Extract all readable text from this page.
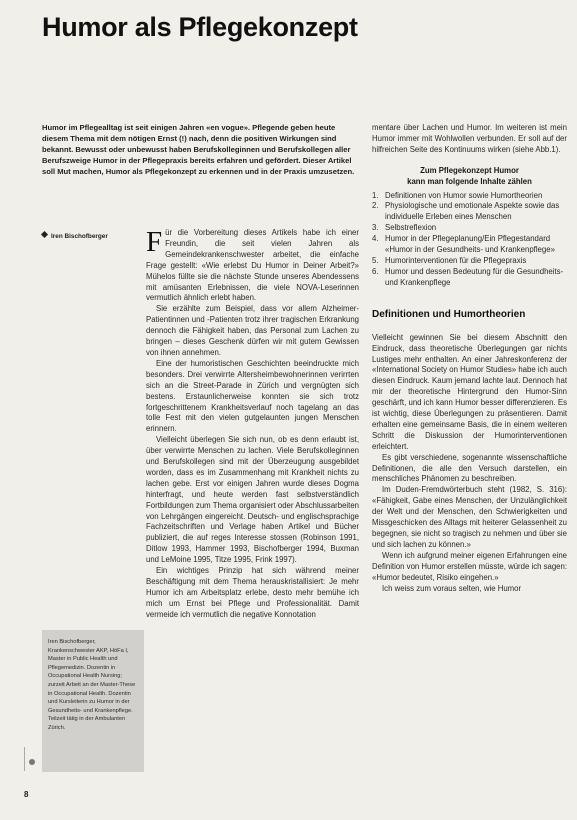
Humor als Pflegekonzept
Humor im Pflegealltag ist seit einigen Jahren «en vogue». Pflegende geben heute diesem Thema mit dem nötigen Ernst (!) nach, denn die positiven Wirkungen sind bekannt. Bewusst oder unbewusst haben Berufskolleginnen und Berufskollegen aller Berufszweige Humor in der Pflegepraxis bereits erfahren und gefördert. Dieser Artikel soll Mut machen, Humor als Pflegekonzept zu erkennen und in der Praxis umzusetzen.
Iren Bischofberger	Für die Vorbereitung dieses Artikels habe ich einer Freundin, die seit vielen Jahren als Gemeindekrankenschwester arbeitet, die einfache Frage gestellt: «Wie erlebst Du Humor in Deiner Arbeit?» Mühelos füllte sie die nächste Stunde unseres Abendessens mit amüsanten Erlebnissen, die viele NOVA-Leserinnen vermutlich ähnlich erlebt haben.

Sie erzählte zum Beispiel, dass vor allem Alzheimer-Patientinnen und -Patienten trotz ihrer tragischen Erkrankung dennoch die Fähigkeit haben, das Personal zum Lachen zu bringen – dieses Geschenk dürfen wir mit gutem Gewissen von ihnen annehmen.

Eine der humoristischen Geschichten beeindruckte mich besonders. Drei verwirrte Altersheimbewohnerinnen verirrten sich an die Street-Parade in Zürich und vergnügten sich bestens. Erstaunlicherweise konnten sie sich trotz fortgeschrittenem Krankheitsverlauf noch tagelang an das tolle Fest mit den vielen gutgelaunten jungen Menschen erinnern.

Vielleicht überlegen Sie sich nun, ob es denn erlaubt ist, über verwirrte Menschen zu lachen. Viele Berufskolleginnen und Berufskollegen sind mit der Überzeugung ausgebildet worden, dass es im Zusammenhang mit Krankheit nichts zu lachen gebe. Erst vor einigen Jahren wurde dieses Dogma hinterfragt, und heute werden fast selbstverständlich Fortbildungen zum Thema organisiert oder Abschlussarbeiten von Lehrgängen eingereicht. Deutsch- und englischsprachige Fachzeitschriften und Verlage haben Artikel und Bücher publiziert, die auf reges Interesse stossen (Robinson 1991, Ditlow 1993, Hammer 1993, Bischofberger 1994, Buxman und LeMoine 1995, Titze 1995, Frink 1997).

Ein wichtiges Prinzip hat sich während meiner Beschäftigung mit dem Thema herauskristallisiert: Je mehr Humor ich am Arbeitsplatz erlebe, desto mehr bemühe ich mich um Ernst bei Pflege und Professionalität. Damit vermeide ich vermutlich die negative Konnotation

mentare über Lachen und Humor. Im weiteren ist mein Humor immer mit Wohlwollen verbunden. Er soll auf der hilfreichen Seite des Kontinuums wirken (siehe Abb.1).

Zum Pflegekonzept Humor
kann man folgende Inhalte zählen
1. Definitionen von Humor sowie Humortheorien
2. Physiologische und emotionale Aspekte sowie das individuelle Erleben eines Menschen
3. Selbstreflexion
4. Humor in der Pflegeplanung/Ein Pflegestandard «Humor in der Gesundheits- und Krankenpflege»
5. Humorinterventionen für die Pflegepraxis
6. Humor und dessen Bedeutung für die Gesundheits- und Krankenpflege
Definitionen und Humortheorien

Vielleicht gewinnen Sie bei diesem Abschnitt den Eindruck, dass theoretische Überlegungen gar nichts Lustiges mehr enthalten. An einer Jahreskonferenz der «International Society on Humor Studies» habe ich auch diesen Eindruck. Kaum jemand lachte laut. Dennoch hat mir der theoretische Hintergrund den Humor-Sinn geschärft, und ich kann Humor besser differenzieren. Es ist wichtig, diese Überlegungen zu präsentieren. Damit erhalten eine gemeinsame Basis, die in einem weiteren Schritt die Diskussion der Humorinterventionen erleichtert.

Es gibt verschiedene, sogenannte wissenschaftliche Definitionen, die alle den Versuch darstellen, ein menschliches Phänomen zu beschreiben.

Im Duden-Fremdwörterbuch steht (1982, S. 316): «Fähigkeit, Gabe eines Menschen, der Unzulänglichkeit der Welt und der Menschen, den Schwierigkeiten und Missgeschicken des Alltags mit heiterer Gelassenheit zu begegnen, sie nicht so tragisch zu nehmen und über sie und sich lachen zu können.»

Wenn ich aufgrund meiner eigenen Erfahrungen eine Definition von Humor erstellen müsste, würde ich sagen: «Humor bedeutet, Risiko eingehen.»

Ich weiss zum voraus selten, wie Humor

Iren Bischofberger, Krankenschwester AKP, HöFa I, Master in Public Health und Pflegemedizin. Dozentin in Occupational Health Nursing; zurzeit Arbeit an der Master-These in Occupational Health. Dozentin und Kursleiterin zu Humor in der Gesundheits- und Krankenpflege. Teilzeit tätig in der Ambulanten Zürich.
8
